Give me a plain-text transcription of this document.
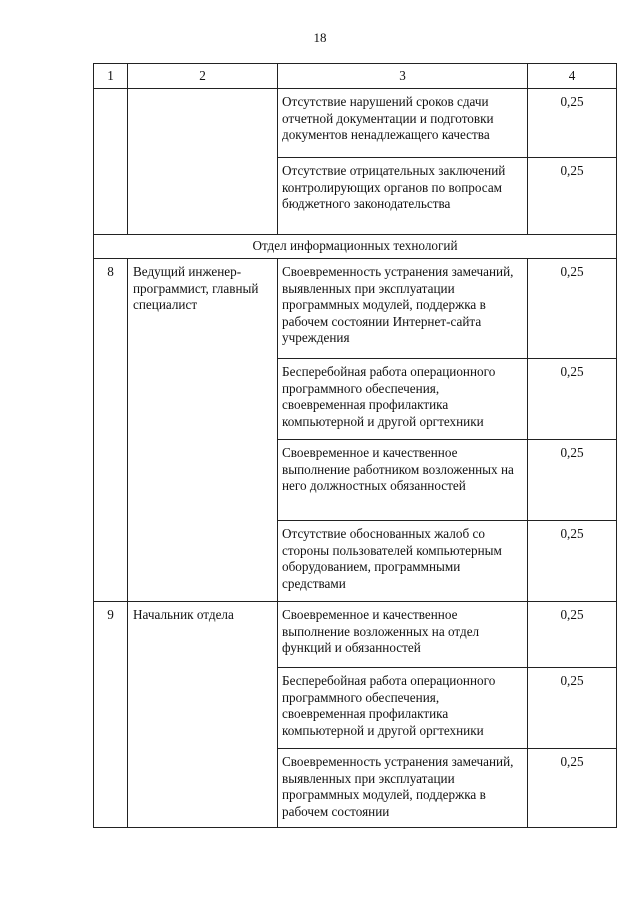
18
1	2	3	4
		Отсутствие нарушений сроков сдачи отчетной документации и подготовки документов ненадлежащего качества	0,25
		Отсутствие отрицательных заключений контролирующих органов по вопросам бюджетного законодательства	0,25
Отдел информационных технологий			
8	Ведущий инженер-программист, главный специалист	Своевременность устранения замечаний, выявленных при эксплуатации программных модулей, поддержка в рабочем состоянии Интернет-сайта учреждения	0,25
		Бесперебойная работа операционного программного обеспечения, своевременная профилактика компьютерной и другой оргтехники	0,25
		Своевременное и качественное выполнение работником возложенных на него должностных обязанностей	0,25
		Отсутствие обоснованных жалоб со стороны пользователей компьютерным оборудованием, программными средствами	0,25
9	Начальник отдела	Своевременное и качественное выполнение возложенных на отдел функций и обязанностей	0,25
		Бесперебойная работа операционного программного обеспечения, своевременная профилактика компьютерной и другой оргтехники	0,25
		Своевременность устранения замечаний, выявленных при эксплуатации программных модулей, поддержка в рабочем состоянии	0,25
